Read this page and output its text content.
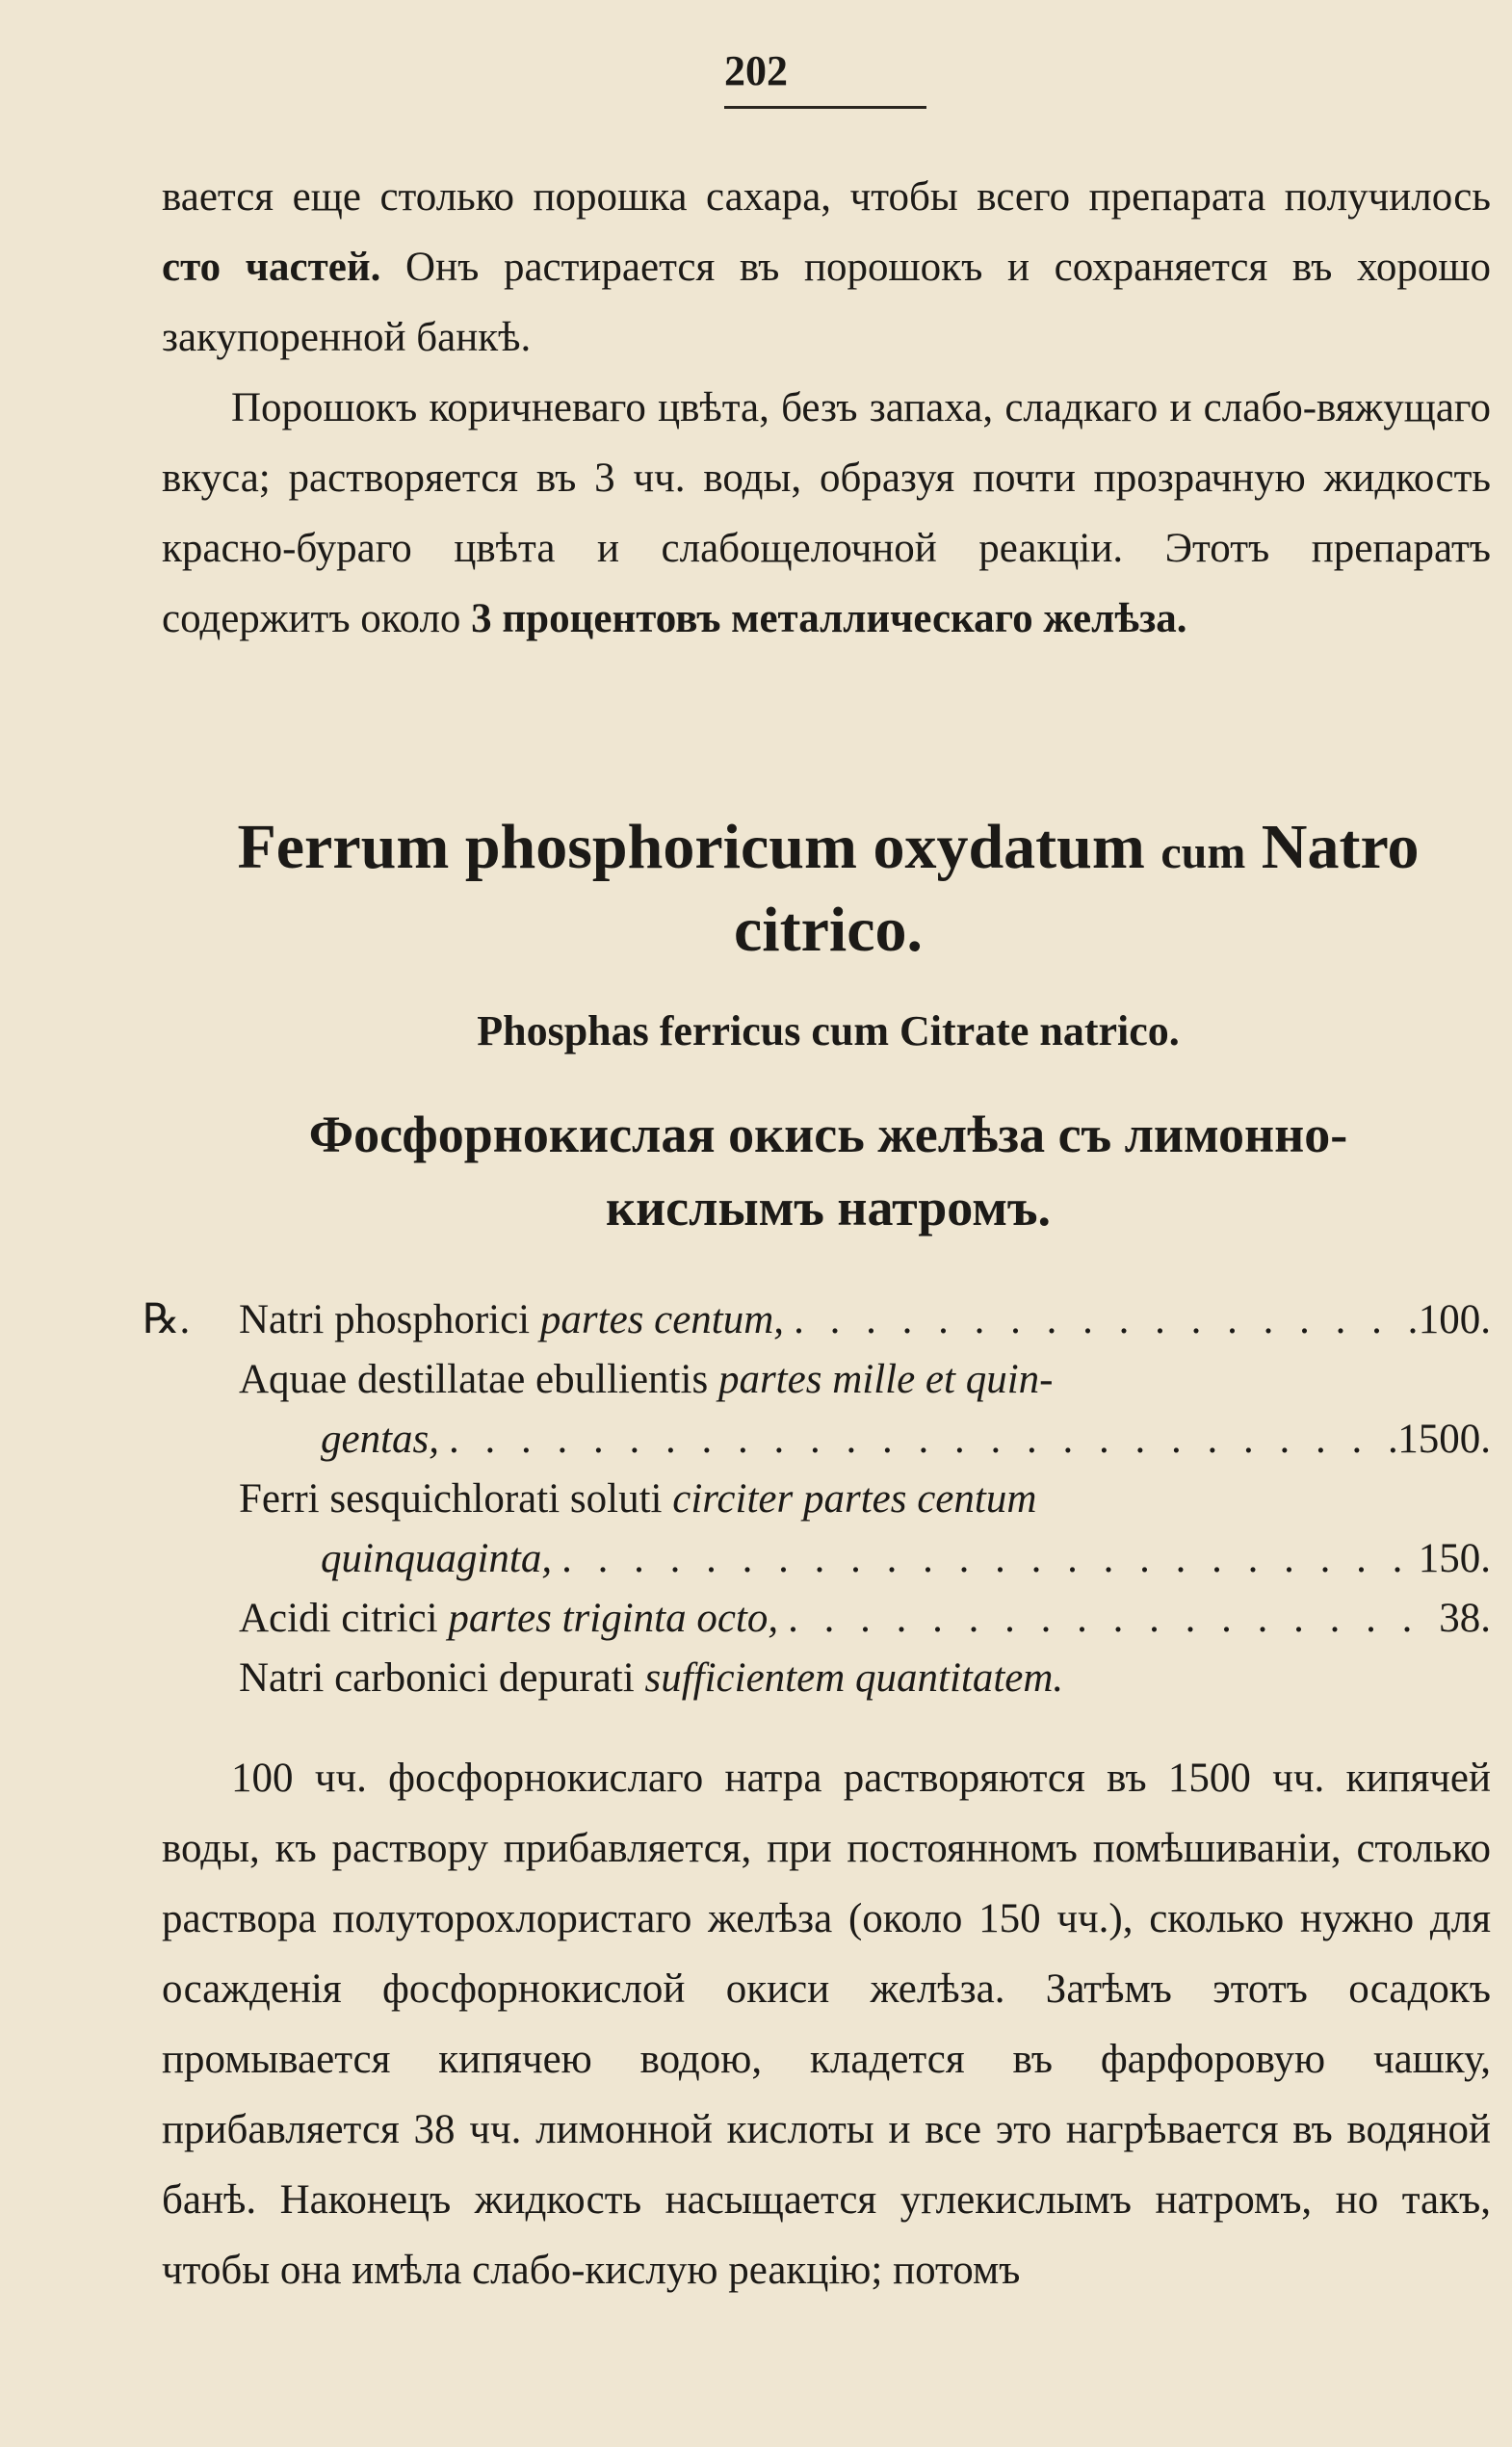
202

вается еще столько порошка сахара, чтобы всего препарата получилось сто частей. Онъ растирается въ порошокъ и сохраняется въ хорошо закупоренной банкѣ.

Порошокъ коричневаго цвѣта, безъ запаха, сладкаго и слабо-вяжущаго вкуса; растворяется въ 3 чч. воды, образуя почти прозрачную жидкость красно-бураго цвѣта и слабощелочной реакціи. Этотъ препаратъ содержитъ около 3 процентовъ металлическаго желѣза.

Ferrum phosphoricum oxydatum cum Natro
citrico.

Phosphas ferricus cum Citrate natrico.

Фосфорнокислая окись желѣза съ лимонно-
кислымъ натромъ.
℞. Natri phosphorici partes centum, . . .	100.
Aquae destillatae ebullientis partes mille et quin-
gentas, . . .	1500.
Ferri sesquichlorati soluti circiter partes centum
quinquaginta, . . .	150.
Acidi citrici partes triginta octo, . . .	38.
Natri carbonici depurati sufficientem quantitatem.

100 чч. фосфорнокислаго натра растворяются въ 1500 чч. кипячей воды, къ раствору прибавляется, при постоянномъ помѣшиваніи, столько раствора полуторохлористаго желѣза (около 150 чч.), сколько нужно для осажденія фосфорнокислой окиси желѣза. Затѣмъ этотъ осадокъ промывается кипячею водою, кладется въ фарфоровую чашку, прибавляется 38 чч. лимонной кислоты и все это нагрѣвается въ водяной банѣ. Наконецъ жидкость насыщается углекислымъ натромъ, но такъ, чтобы она имѣла слабо-кислую реакцію; потомъ
